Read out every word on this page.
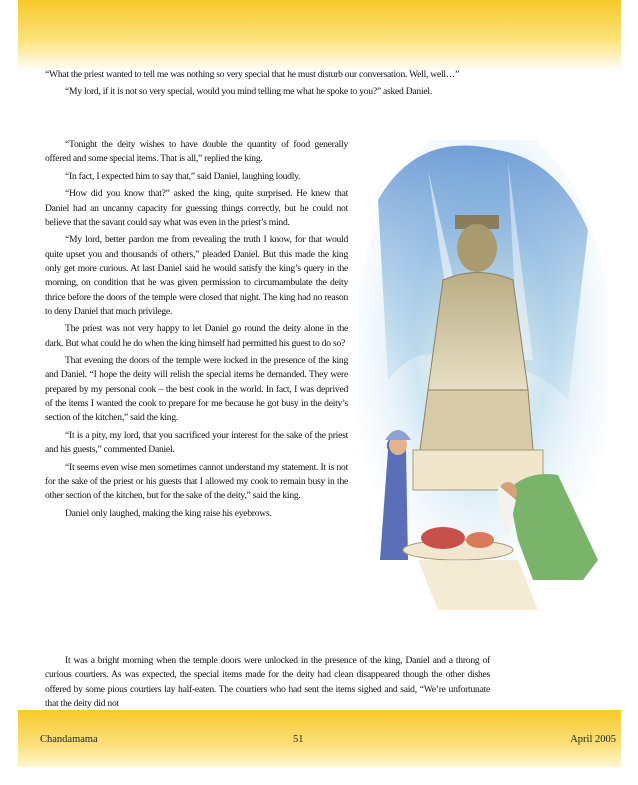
“What the priest wanted to tell me was nothing so very special that he must disturb our conversation. Well, well…”

“My lord, if it is not so very special, would you mind telling me what he spoke to you?” asked Daniel.

“Tonight the deity wishes to have double the quantity of food generally offered and some special items. That is all,” replied the king.

“In fact, I expected him to say that,” said Daniel, laughing loudly.

“How did you know that?” asked the king, quite surprised. He knew that Daniel had an uncanny capacity for guessing things correctly, but he could not believe that the savant could say what was even in the priest’s mind.

“My lord, better pardon me from revealing the truth I know, for that would quite upset you and thousands of others,” pleaded Daniel. But this made the king only get more curious. At last Daniel said he would satisfy the king’s query in the morning, on condition that he was given permission to circumambulate the deity thrice before the doors of the temple were closed that night. The king had no reason to deny Daniel that much privilege.

The priest was not very happy to let Daniel go round the deity alone in the dark. But what could he do when the king himself had permitted his guest to do so?

That evening the doors of the temple were locked in the presence of the king and Daniel. “I hope the deity will relish the special items he demanded. They were prepared by my personal cook – the best cook in the world. In fact, I was deprived of the items I wanted the cook to prepare for me because he got busy in the deity’s section of the kitchen,” said the king.

“It is a pity, my lord, that you sacrificed your interest for the sake of the priest and his guests,” commented Daniel.

“It seems even wise men sometimes cannot understand my statement. It is not for the sake of the priest or his guests that I allowed my cook to remain busy in the other section of the kitchen, but for the sake of the deity,” said the king.

Daniel only laughed, making the king raise his eyebrows.

It was a bright morning when the temple doors were unlocked in the presence of the king, Daniel and a throng of curious courtiers. As was expected, the special items made for the deity had clean disappeared though the other dishes offered by some pious courtiers lay half-eaten. The courtiers who had sent the items sighed and said, “We’re unfortunate that the deity did not

Chandamama	51	April 2005
